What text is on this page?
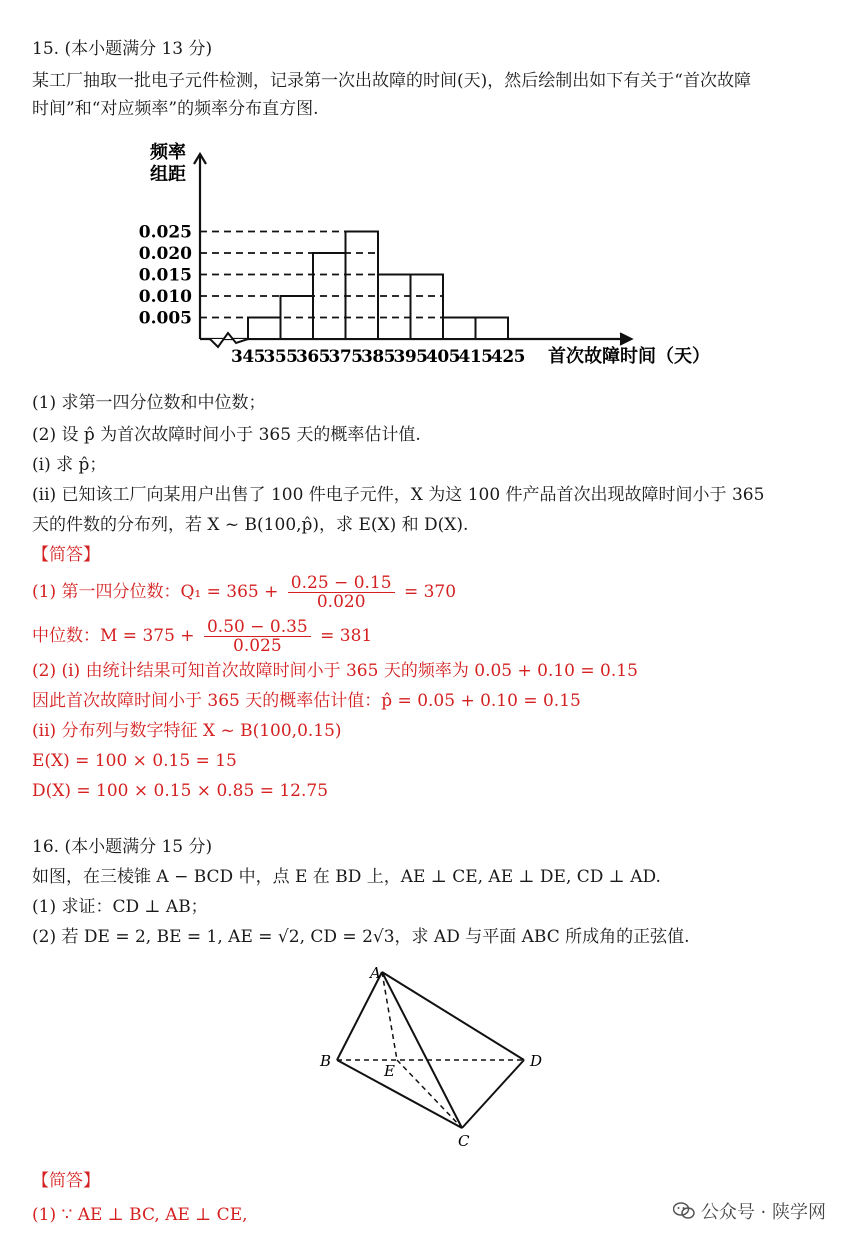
15. (本小题满分 13 分)
某工厂抽取一批电子元件检测，记录第一次出故障的时间(天)，然后绘制出如下有关于“首次故障
时间”和“对应频率”的频率分布直方图.
0.025
0.020
0.015
0.010
0.005
345
355
365
375
385
395
405
415
425
频率
组距
首次故障时间（天）
(1) 求第一四分位数和中位数；
(2) 设 p̂ 为首次故障时间小于 365 天的概率估计值.
(i) 求 p̂；
(ii) 已知该工厂向某用户出售了 100 件电子元件，X 为这 100 件产品首次出现故障时间小于 365
天的件数的分布列，若 X ~ B(100,p̂)，求 E(X) 和 D(X).
【简答】
(1) 第一四分位数：$Q_1 = 365 + \frac{0.25 - 0.15}{0.020} = 370$
中位数：$M = 375 + \frac{0.50 - 0.35}{0.025} = 381$
(2) (i) 由统计结果可知首次故障时间小于 365 天的频率为 0.05 + 0.10 = 0.15
因此首次故障时间小于 365 天的概率估计值：p̂ = 0.05 + 0.10 = 0.15
(ii) 分布列与数字特征 X ~ B(100,0.15)
E(X) = 100 × 0.15 = 15
D(X) = 100 × 0.15 × 0.85 = 12.75
16. (本小题满分 15 分)
如图，在三棱锥 A − BCD 中，点 E 在 BD 上，AE ⊥ CE, AE ⊥ DE, CD ⊥ AD.
(1) 求证：CD ⊥ AB；
(2) 若 DE = 2, BE = 1, AE = √2, CD = 2√3，求 AD 与平面 ABC 所成角的正弦值.
A
B
C
D
E
【简答】
(1) ∵ AE ⊥ BC, AE ⊥ CE,	公众号 · 陕学网
